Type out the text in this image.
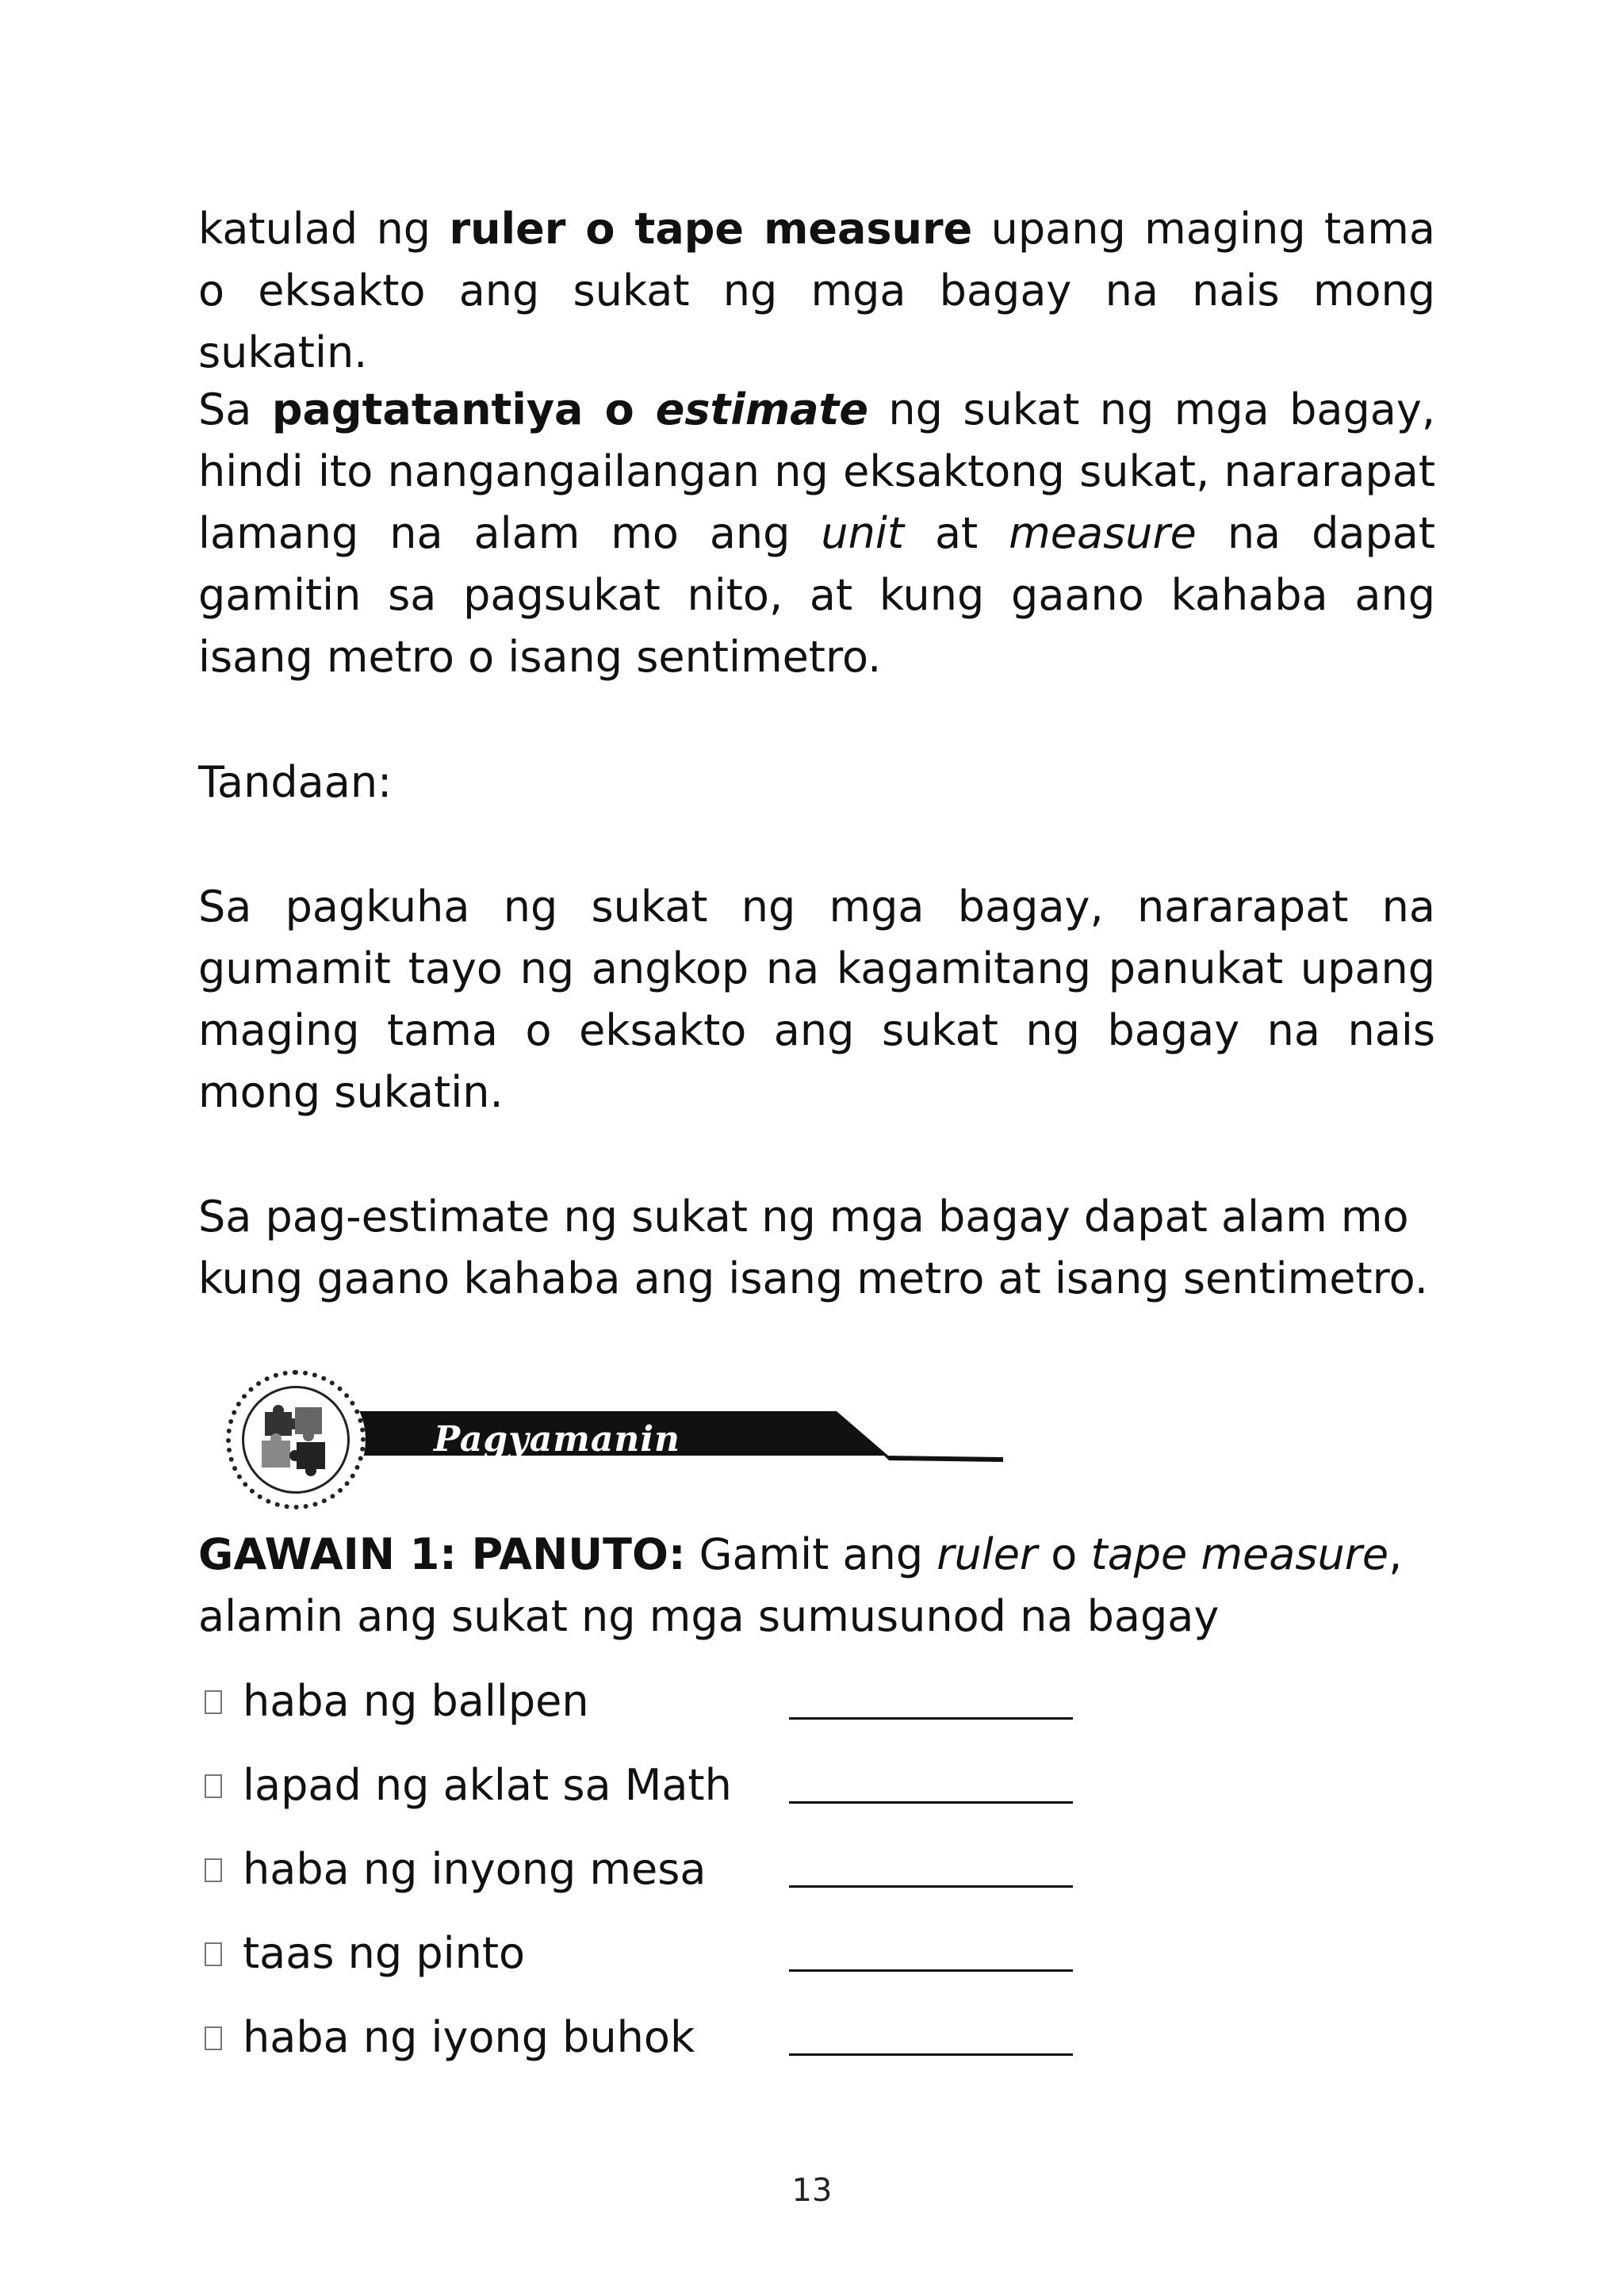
katulad ng ruler o tape measure upang maging tama o eksakto ang sukat ng mga bagay na nais mong sukatin.

Sa pagtatantiya o estimate ng sukat ng mga bagay, hindi ito nangangailangan ng eksaktong sukat, nararapat lamang na alam mo ang unit at measure na dapat gamitin sa pagsukat nito, at kung gaano kahaba ang isang metro o isang sentimetro.

Tandaan:

Sa pagkuha ng sukat ng mga bagay, nararapat na gumamit tayo ng angkop na kagamitang panukat upang maging tama o eksakto ang sukat ng bagay na nais mong sukatin.

Sa pag-estimate ng sukat ng mga bagay dapat alam mo kung gaano kahaba ang isang metro at isang sentimetro.

Pagyamanin
GAWAIN 1: PANUTO: Gamit ang ruler o tape measure, alamin ang sukat ng mga sumusunod na bagay
haba ng ballpen
lapad ng aklat sa Math
haba ng inyong mesa
taas ng pinto
haba ng iyong buhok
13
